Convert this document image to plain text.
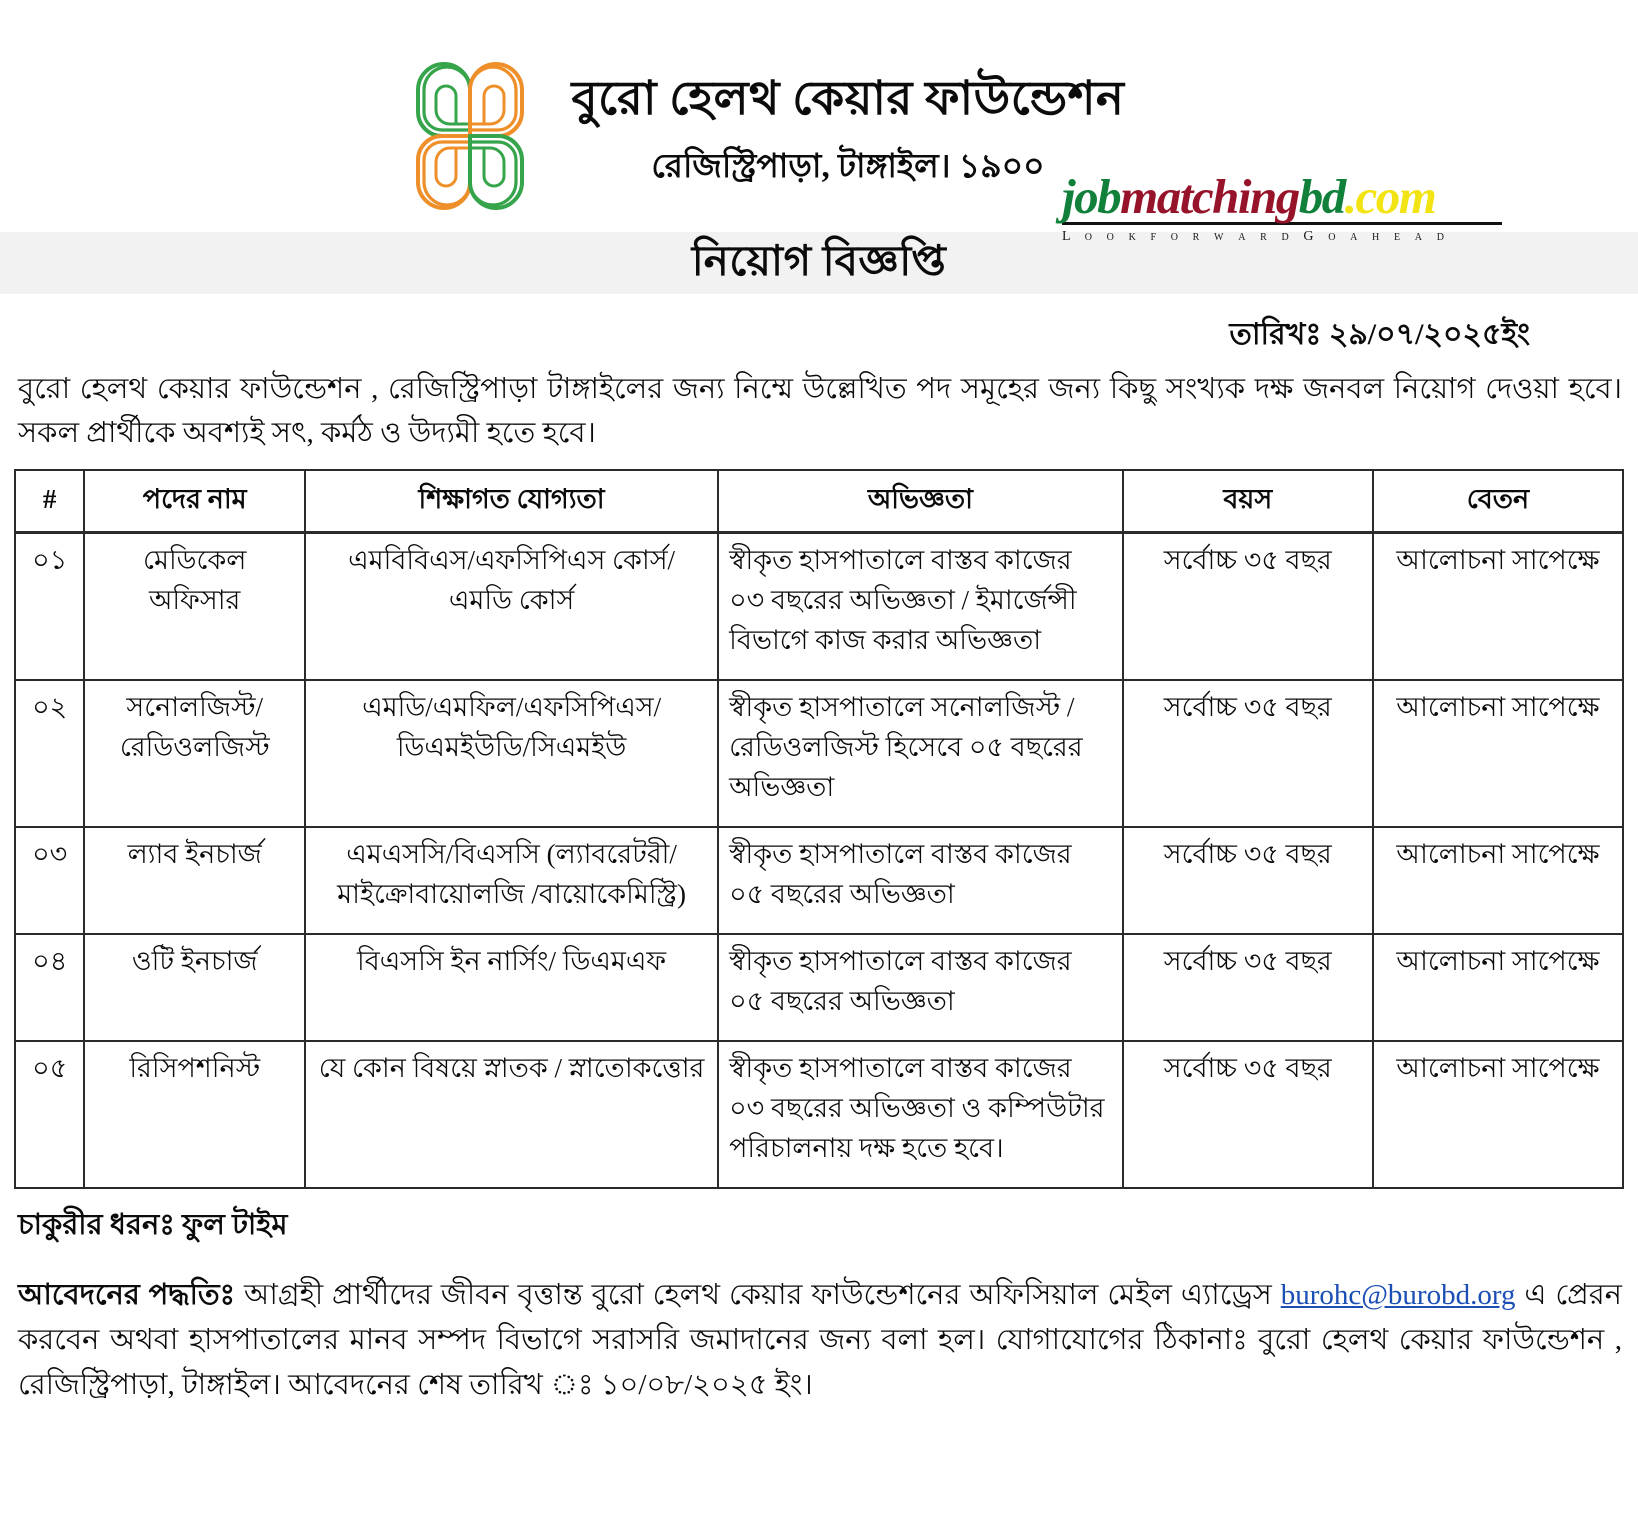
বুরো হেলথ কেয়ার ফাউন্ডেশন
রেজিস্ট্রিপাড়া, টাঙ্গাইল। ১৯০০
jobmatchingbd.com
L o o k f o r w a r d G o a h e a d
নিয়োগ বিজ্ঞপ্তি
তারিখঃ ২৯/০৭/২০২৫ইং

বুরো হেলথ কেয়ার ফাউন্ডেশন , রেজিস্ট্রিপাড়া টাঙ্গাইলের জন্য নিম্মে উল্লেখিত পদ সমূহের জন্য কিছু সংখ্যক দক্ষ জনবল নিয়োগ দেওয়া হবে। সকল প্রার্থীকে অবশ্যই সৎ, কর্মঠ ও উদ্যমী হতে হবে।

#	পদের নাম	শিক্ষাগত যোগ্যতা	অভিজ্ঞতা	বয়স	বেতন
০১	মেডিকেল অফিসার	এমবিবিএস/এফসিপিএস কোর্স/ এমডি কোর্স	স্বীকৃত হাসপাতালে বাস্তব কাজের ০৩ বছরের অভিজ্ঞতা / ইমার্জেন্সী বিভাগে কাজ করার অভিজ্ঞতা	সর্বোচ্চ ৩৫ বছর	আলোচনা সাপেক্ষে
০২	সনোলজিস্ট/ রেডিওলজিস্ট	এমডি/এমফিল/এফসিপিএস/ ডিএমইউডি/সিএমইউ	স্বীকৃত হাসপাতালে সনোলজিস্ট / রেডিওলজিস্ট হিসেবে ০৫ বছরের অভিজ্ঞতা	সর্বোচ্চ ৩৫ বছর	আলোচনা সাপেক্ষে
০৩	ল্যাব ইনচার্জ	এমএসসি/বিএসসি (ল্যাবরেটরী/মাইক্রোবায়োলজি /বায়োকেমিস্ট্রি)	স্বীকৃত হাসপাতালে বাস্তব কাজের ০৫ বছরের অভিজ্ঞতা	সর্বোচ্চ ৩৫ বছর	আলোচনা সাপেক্ষে
০৪	ওটি ইনচার্জ	বিএসসি ইন নার্সিং/ ডিএমএফ	স্বীকৃত হাসপাতালে বাস্তব কাজের ০৫ বছরের অভিজ্ঞতা	সর্বোচ্চ ৩৫ বছর	আলোচনা সাপেক্ষে
০৫	রিসিপশনিস্ট	যে কোন বিষয়ে স্নাতক / স্নাতোকত্তোর	স্বীকৃত হাসপাতালে বাস্তব কাজের ০৩ বছরের অভিজ্ঞতা ও কম্পিউটার পরিচালনায় দক্ষ হতে হবে।	সর্বোচ্চ ৩৫ বছর	আলোচনা সাপেক্ষে
চাকুরীর ধরনঃ ফুল টাইম
আবেদনের পদ্ধতিঃ আগ্রহী প্রার্থীদের জীবন বৃত্তান্ত বুরো হেলথ কেয়ার ফাউন্ডেশনের অফিসিয়াল মেইল এ্যাড্রেস burohc@burobd.org এ প্রেরন করবেন অথবা হাসপাতালের মানব সম্পদ বিভাগে সরাসরি জমাদানের জন্য বলা হল। যোগাযোগের ঠিকানাঃ বুরো হেলথ কেয়ার ফাউন্ডেশন , রেজিস্ট্রিপাড়া, টাঙ্গাইল। আবেদনের শেষ তারিখ ঃ ১০/০৮/২০২৫ ইং।
